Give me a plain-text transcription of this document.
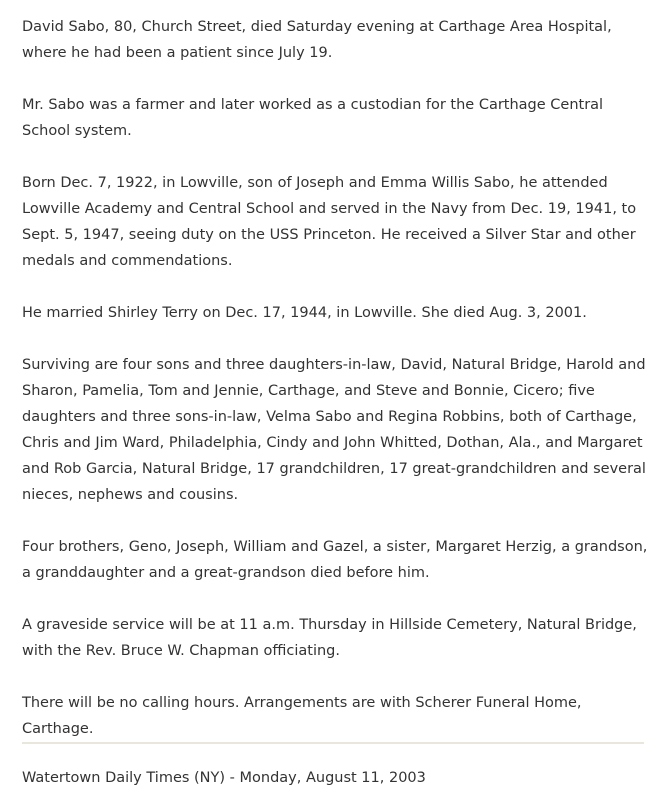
David Sabo, 80, Church Street, died Saturday evening at Carthage Area Hospital, where he had been a patient since July 19.

Mr. Sabo was a farmer and later worked as a custodian for the Carthage Central School system.

Born Dec. 7, 1922, in Lowville, son of Joseph and Emma Willis Sabo, he attended Lowville Academy and Central School and served in the Navy from Dec. 19, 1941, to Sept. 5, 1947, seeing duty on the USS Princeton. He received a Silver Star and other medals and commendations.

He married Shirley Terry on Dec. 17, 1944, in Lowville. She died Aug. 3, 2001.

Surviving are four sons and three daughters-in-law, David, Natural Bridge, Harold and Sharon, Pamelia, Tom and Jennie, Carthage, and Steve and Bonnie, Cicero; five daughters and three sons-in-law, Velma Sabo and Regina Robbins, both of Carthage, Chris and Jim Ward, Philadelphia, Cindy and John Whitted, Dothan, Ala., and Margaret and Rob Garcia, Natural Bridge, 17 grandchildren, 17 great-grandchildren and several nieces, nephews and cousins.

Four brothers, Geno, Joseph, William and Gazel, a sister, Margaret Herzig, a grandson, a granddaughter and a great-grandson died before him.

A graveside service will be at 11 a.m. Thursday in Hillside Cemetery, Natural Bridge, with the Rev. Bruce W. Chapman officiating.

There will be no calling hours. Arrangements are with Scherer Funeral Home, Carthage.

Watertown Daily Times (NY) - Monday, August 11, 2003
